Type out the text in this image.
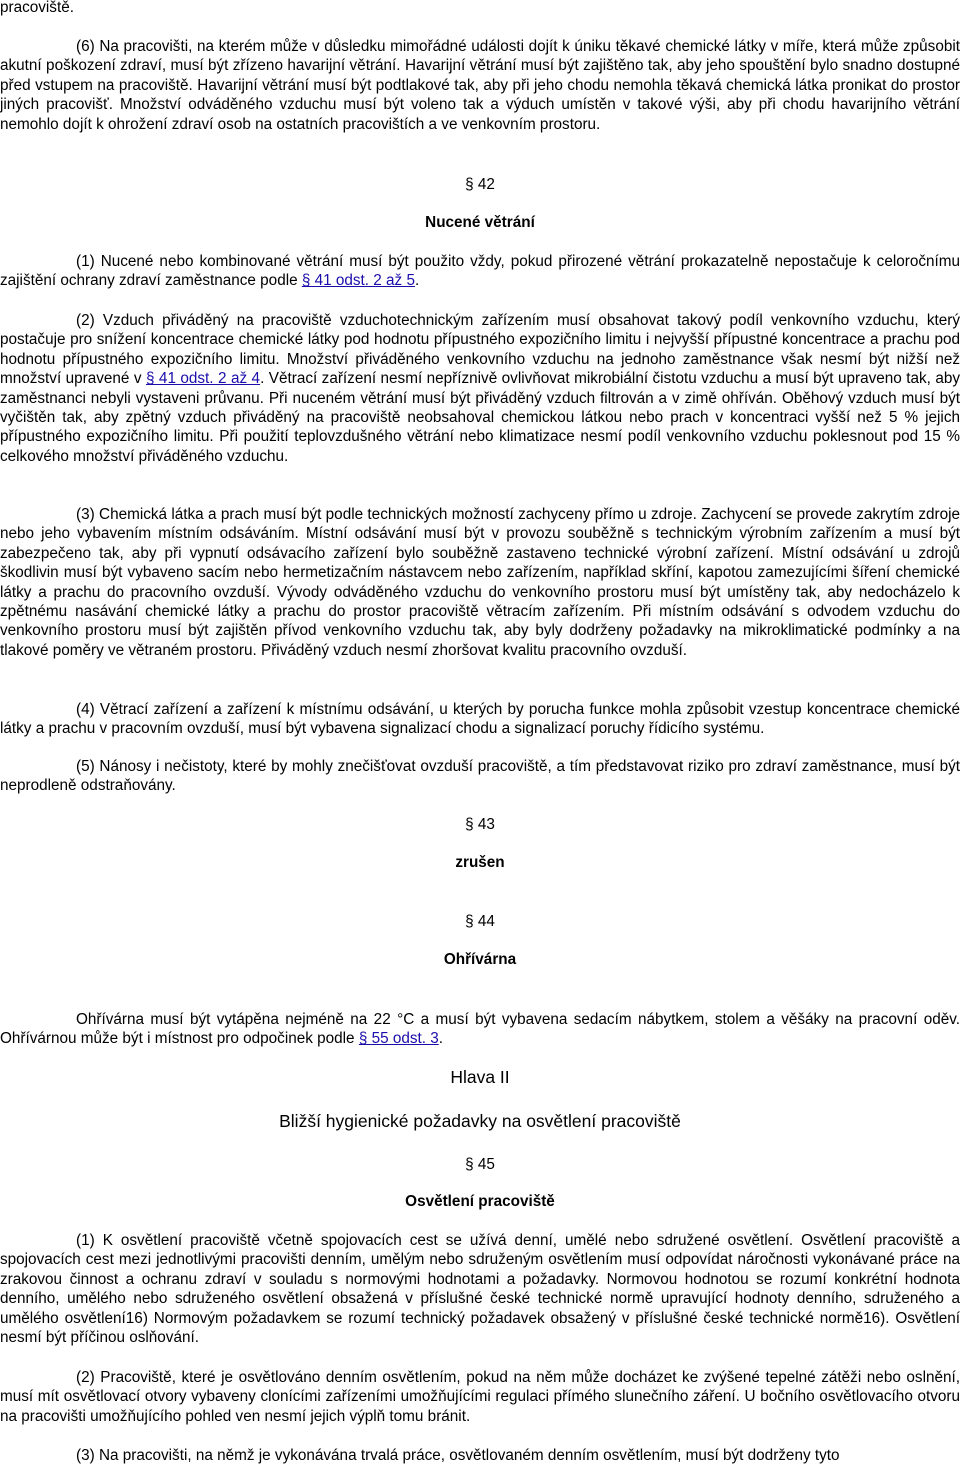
pracoviště.

(6) Na pracovišti, na kterém může v důsledku mimořádné události dojít k úniku těkavé chemické látky v míře, která může způsobit akutní poškození zdraví, musí být zřízeno havarijní větrání. Havarijní větrání musí být zajištěno tak, aby jeho spouštění bylo snadno dostupné před vstupem na pracoviště. Havarijní větrání musí být podtlakové tak, aby při jeho chodu nemohla těkavá chemická látka pronikat do prostor jiných pracovišť. Množství odváděného vzduchu musí být voleno tak a výduch umístěn v takové výši, aby při chodu havarijního větrání nemohlo dojít k ohrožení zdraví osob na ostatních pracovištích a ve venkovním prostoru.

§ 42
Nucené větrání

(1) Nucené nebo kombinované větrání musí být použito vždy, pokud přirozené větrání prokazatelně nepostačuje k celoročnímu zajištění ochrany zdraví zaměstnance podle § 41 odst. 2 až 5.

(2) Vzduch přiváděný na pracoviště vzduchotechnickým zařízením musí obsahovat takový podíl venkovního vzduchu, který postačuje pro snížení koncentrace chemické látky pod hodnotu přípustného expozičního limitu i nejvyšší přípustné koncentrace a prachu pod hodnotu přípustného expozičního limitu. Množství přiváděného venkovního vzduchu na jednoho zaměstnance však nesmí být nižší než množství upravené v § 41 odst. 2 až 4. Větrací zařízení nesmí nepříznivě ovlivňovat mikrobiální čistotu vzduchu a musí být upraveno tak, aby zaměstnanci nebyli vystaveni průvanu. Při nuceném větrání musí být přiváděný vzduch filtrován a v zimě ohříván. Oběhový vzduch musí být vyčištěn tak, aby zpětný vzduch přiváděný na pracoviště neobsahoval chemickou látkou nebo prach v koncentraci vyšší než 5 % jejich přípustného expozičního limitu. Při použití teplovzdušného větrání nebo klimatizace nesmí podíl venkovního vzduchu poklesnout pod 15 % celkového množství přiváděného vzduchu.

(3) Chemická látka a prach musí být podle technických možností zachyceny přímo u zdroje. Zachycení se provede zakrytím zdroje nebo jeho vybavením místním odsáváním. Místní odsávání musí být v provozu souběžně s technickým výrobním zařízením a musí být zabezpečeno tak, aby při vypnutí odsávacího zařízení bylo souběžně zastaveno technické výrobní zařízení. Místní odsávání u zdrojů škodlivin musí být vybaveno sacím nebo hermetizačním nástavcem nebo zařízením, například skříní, kapotou zamezujícími šíření chemické látky a prachu do pracovního ovzduší. Vývody odváděného vzduchu do venkovního prostoru musí být umístěny tak, aby nedocházelo k zpětnému nasávání chemické látky a prachu do prostor pracoviště větracím zařízením. Při místním odsávání s odvodem vzduchu do venkovního prostoru musí být zajištěn přívod venkovního vzduchu tak, aby byly dodrženy požadavky na mikroklimatické podmínky a na tlakové poměry ve větraném prostoru. Přiváděný vzduch nesmí zhoršovat kvalitu pracovního ovzduší.

(4) Větrací zařízení a zařízení k místnímu odsávání, u kterých by porucha funkce mohla způsobit vzestup koncentrace chemické látky a prachu v pracovním ovzduší, musí být vybavena signalizací chodu a signalizací poruchy řídicího systému.

(5) Nánosy i nečistoty, které by mohly znečišťovat ovzduší pracoviště, a tím představovat riziko pro zdraví zaměstnance, musí být neprodleně odstraňovány.

§ 43
zrušen
§ 44
Ohřívárna

Ohřívárna musí být vytápěna nejméně na 22 °C a musí být vybavena sedacím nábytkem, stolem a věšáky na pracovní oděv. Ohřívárnou může být i místnost pro odpočinek podle § 55 odst. 3.

Hlava II
Bližší hygienické požadavky na osvětlení pracoviště
§ 45
Osvětlení pracoviště

(1) K osvětlení pracoviště včetně spojovacích cest se užívá denní, umělé nebo sdružené osvětlení. Osvětlení pracoviště a spojovacích cest mezi jednotlivými pracovišti denním, umělým nebo sdruženým osvětlením musí odpovídat náročnosti vykonávané práce na zrakovou činnost a ochranu zdraví v souladu s normovými hodnotami a požadavky. Normovou hodnotou se rozumí konkrétní hodnota denního, umělého nebo sdruženého osvětlení obsažená v příslušné české technické normě upravující hodnoty denního, sdruženého a umělého osvětlení16) Normovým požadavkem se rozumí technický požadavek obsažený v příslušné české technické normě16). Osvětlení nesmí být příčinou oslňování.

(2) Pracoviště, které je osvětlováno denním osvětlením, pokud na něm může docházet ke zvýšené tepelné zátěži nebo oslnění, musí mít osvětlovací otvory vybaveny clonícími zařízeními umožňujícími regulaci přímého slunečního záření. U bočního osvětlovacího otvoru na pracovišti umožňujícího pohled ven nesmí jejich výplň tomu bránit.

(3) Na pracovišti, na němž je vykonávána trvalá práce, osvětlovaném denním osvětlením, musí být dodrženy tyto
